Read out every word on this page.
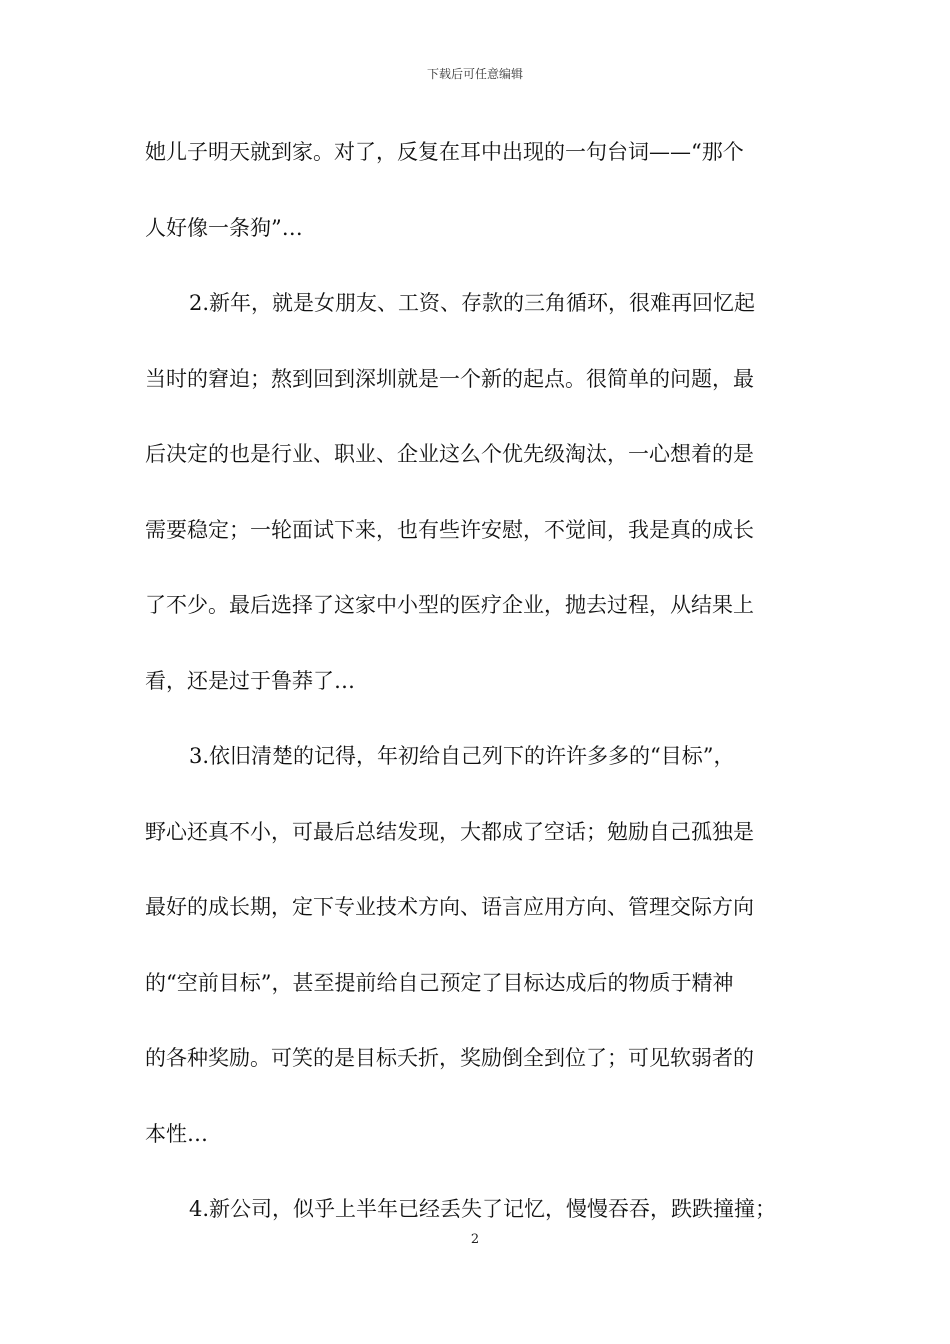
下载后可任意编辑
她儿子明天就到家。对了，反复在耳中出现的一句台词——“那个
人好像一条狗”…
2.新年，就是女朋友、工资、存款的三角循环，很难再回忆起
当时的窘迫；熬到回到深圳就是一个新的起点。很简单的问题，最
后决定的也是行业、职业、企业这么个优先级淘汰，一心想着的是
需要稳定；一轮面试下来，也有些许安慰，不觉间，我是真的成长
了不少。最后选择了这家中小型的医疗企业，抛去过程，从结果上
看，还是过于鲁莽了…
3.依旧清楚的记得，年初给自己列下的许许多多的“目标”，
野心还真不小，可最后总结发现，大都成了空话；勉励自己孤独是
最好的成长期，定下专业技术方向、语言应用方向、管理交际方向
的“空前目标”，甚至提前给自己预定了目标达成后的物质于精神
的各种奖励。可笑的是目标夭折，奖励倒全到位了；可见软弱者的
本性…
4.新公司，似乎上半年已经丢失了记忆，慢慢吞吞，跌跌撞撞；
2
